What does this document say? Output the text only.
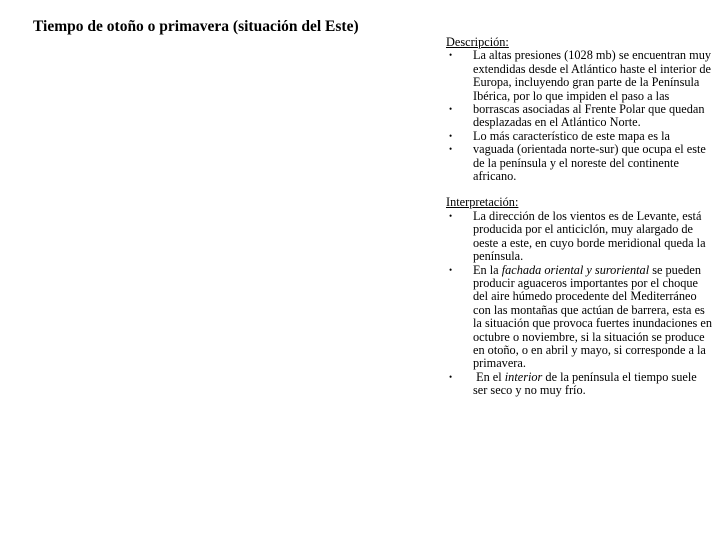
Tiempo de otoño o primavera (situación del Este)

Descripción:

• La altas presiones (1028 mb) se encuentran muy extendidas desde el Atlántico haste el interior de Europa, incluyendo gran parte de la Península Ibérica, por lo que impiden el paso a las
• borrascas asociadas al Frente Polar que quedan desplazadas en el Atlántico Norte.
• Lo más característico de este mapa es la
• vaguada (orientada norte-sur) que ocupa el este de la península y el noreste del continente africano.

Interpretación:

• La dirección de los vientos es de Levante, está producida por el anticiclón, muy alargado de oeste a este, en cuyo borde meridional queda la península.
• En la fachada oriental y suroriental se pueden producir aguaceros importantes por el choque del aire húmedo procedente del Mediterráneo con las montañas que actúan de barrera, esta es la situación que provoca fuertes inundaciones en octubre o noviembre, si la situación se produce en otoño, o en abril y mayo, si corresponde a la primavera.
• En el interior de la península el tiempo suele ser seco y no muy frío.
